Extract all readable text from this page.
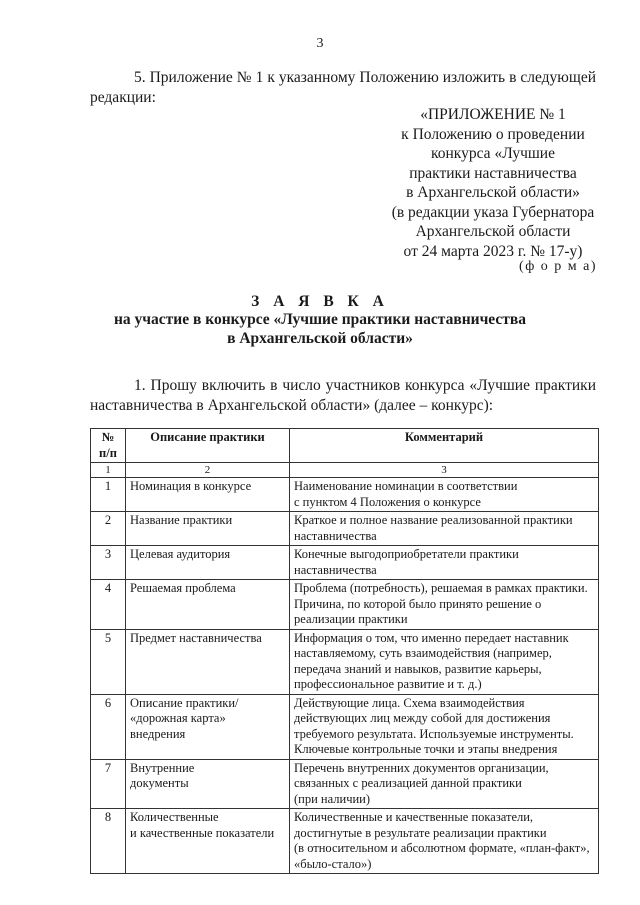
3
5. Приложение № 1 к указанному Положению изложить в следующей редакции:
«ПРИЛОЖЕНИЕ № 1
к Положению о проведении
конкурса «Лучшие
практики наставничества
в Архангельской области»
(в редакции указа Губернатора
Архангельской области
от 24 марта 2023 г. № 17-у)
(ф о р м а)
З А Я В К А
на участие в конкурсе «Лучшие практики наставничества
в Архангельской области»
1. Прошу включить в число участников конкурса «Лучшие практики наставничества в Архангельской области» (далее – конкурс):
№
п/п	Описание практики	Комментарий
1	2	3
1	Номинация в конкурсе	Наименование номинации в соответствии
с пунктом 4 Положения о конкурсе
2	Название практики	Краткое и полное название реализованной практики наставничества
3	Целевая аудитория	Конечные выгодоприобретатели практики наставничества
4	Решаемая проблема	Проблема (потребность), решаемая в рамках практики. Причина, по которой было принято решение о реализации практики
5	Предмет наставничества	Информация о том, что именно передает наставник наставляемому, суть взаимодействия (например, передача знаний и навыков, развитие карьеры, профессиональное развитие и т. д.)
6	Описание практики/
«дорожная карта»
внедрения	Действующие лица. Схема взаимодействия действующих лиц между собой для достижения требуемого результата. Используемые инструменты. Ключевые контрольные точки и этапы внедрения
7	Внутренние
документы	Перечень внутренних документов организации, связанных с реализацией данной практики
(при наличии)
8	Количественные
и качественные показатели	Количественные и качественные показатели, достигнутые в результате реализации практики
(в относительном и абсолютном формате, «план-факт», «было-стало»)
